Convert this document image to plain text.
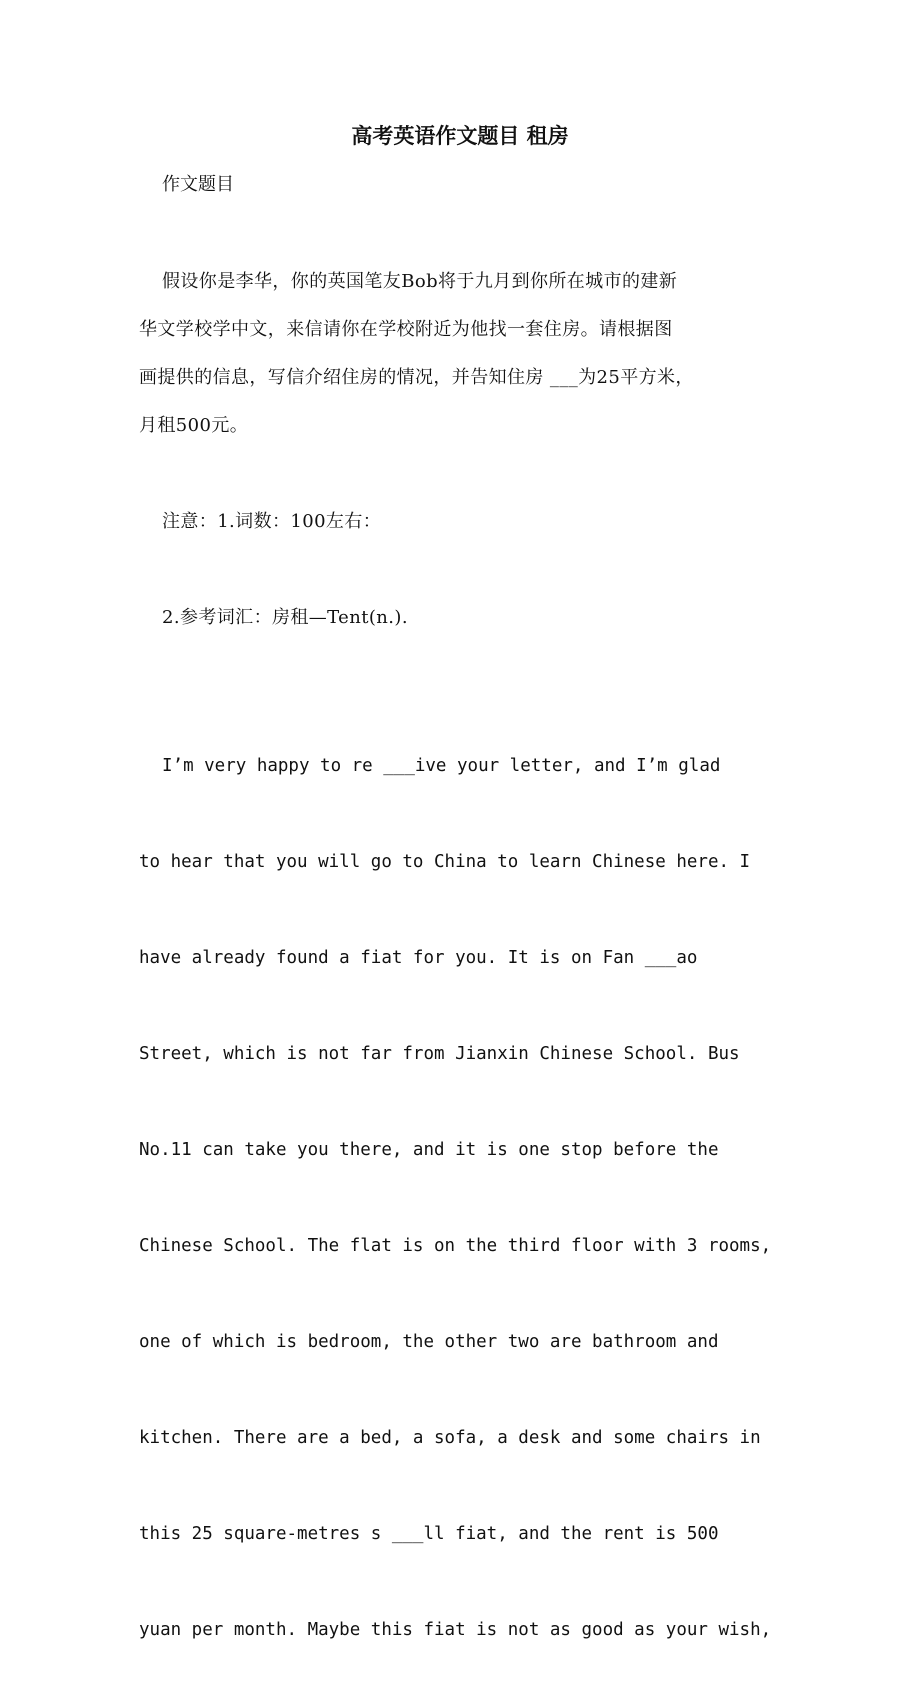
高考英语作文题目 租房

作文题目

假设你是李华，你的英国笔友Bob将于九月到你所在城市的建新
华文学校学中文，来信请你在学校附近为他找一套住房。请根据图
画提供的信息，写信介绍住房的情况，并告知住房 ___为25平方米，
月租500元。

注意：1.词数：100左右：

2.参考词汇：房租—Tent(n.).

I’m very happy to re ___ive your letter, and I’m glad

to hear that you will go to China to learn Chinese here. I

have already found a fiat for you. It is on Fan ___ao

Street, which is not far from Jianxin Chinese School. Bus

No.11 can take you there, and it is one stop before the

Chinese School. The flat is on the third floor with 3 rooms,

one of which is bedroom, the other two are bathroom and

kitchen. There are a bed, a sofa, a desk and some chairs in

this 25 square-metres s ___ll fiat, and the rent is 500

yuan per month. Maybe this fiat is not as good as your wish,
